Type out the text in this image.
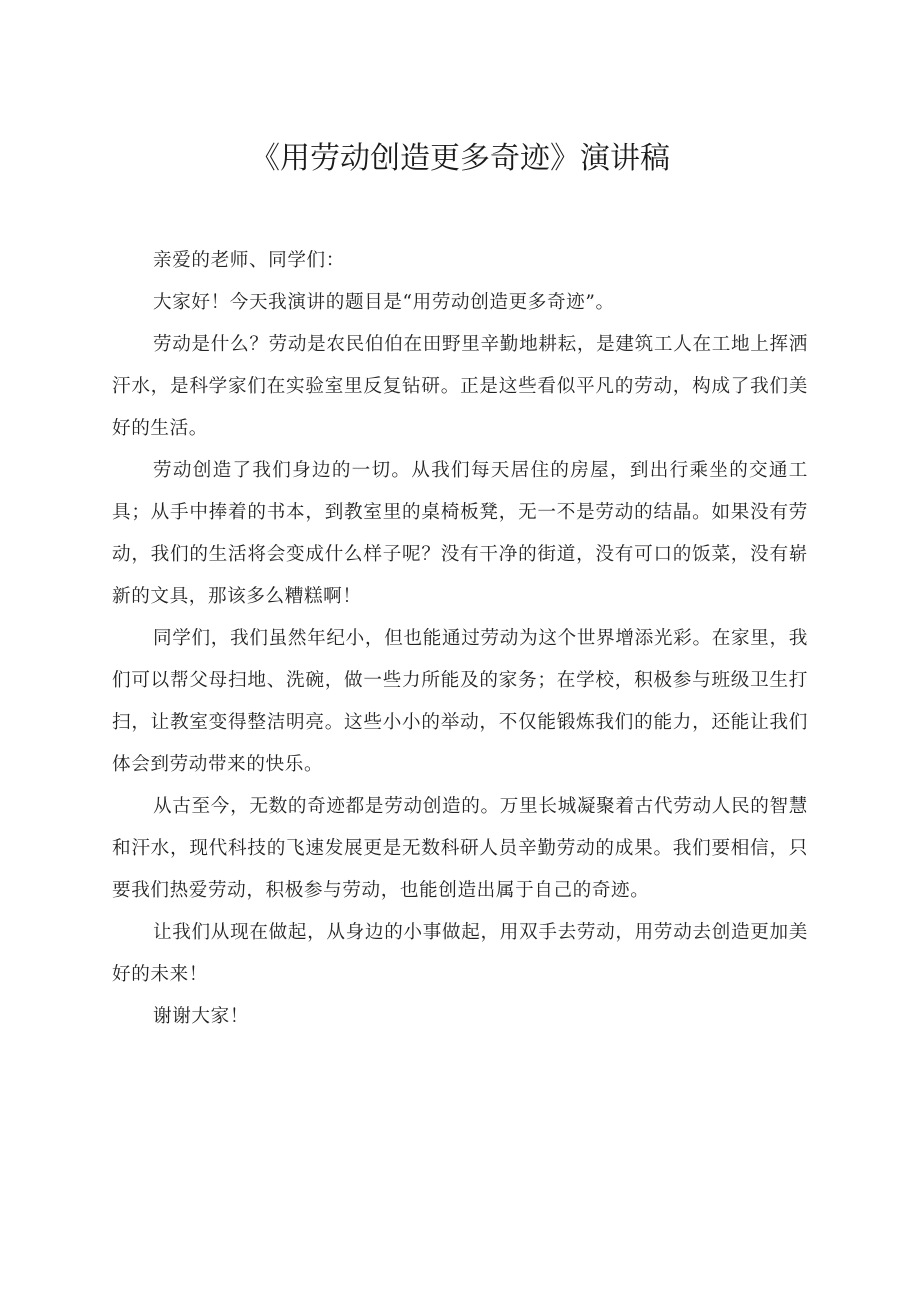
《用劳动创造更多奇迹》演讲稿

亲爱的老师、同学们：

大家好！今天我演讲的题目是“用劳动创造更多奇迹”。

劳动是什么？劳动是农民伯伯在田野里辛勤地耕耘，是建筑工人在工地上挥洒汗水，是科学家们在实验室里反复钻研。正是这些看似平凡的劳动，构成了我们美好的生活。

劳动创造了我们身边的一切。从我们每天居住的房屋，到出行乘坐的交通工具；从手中捧着的书本，到教室里的桌椅板凳，无一不是劳动的结晶。如果没有劳动，我们的生活将会变成什么样子呢？没有干净的街道，没有可口的饭菜，没有崭新的文具，那该多么糟糕啊！

同学们，我们虽然年纪小，但也能通过劳动为这个世界增添光彩。在家里，我们可以帮父母扫地、洗碗，做一些力所能及的家务；在学校，积极参与班级卫生打扫，让教室变得整洁明亮。这些小小的举动，不仅能锻炼我们的能力，还能让我们体会到劳动带来的快乐。

从古至今，无数的奇迹都是劳动创造的。万里长城凝聚着古代劳动人民的智慧和汗水，现代科技的飞速发展更是无数科研人员辛勤劳动的成果。我们要相信，只要我们热爱劳动，积极参与劳动，也能创造出属于自己的奇迹。

让我们从现在做起，从身边的小事做起，用双手去劳动，用劳动去创造更加美好的未来！

谢谢大家！
